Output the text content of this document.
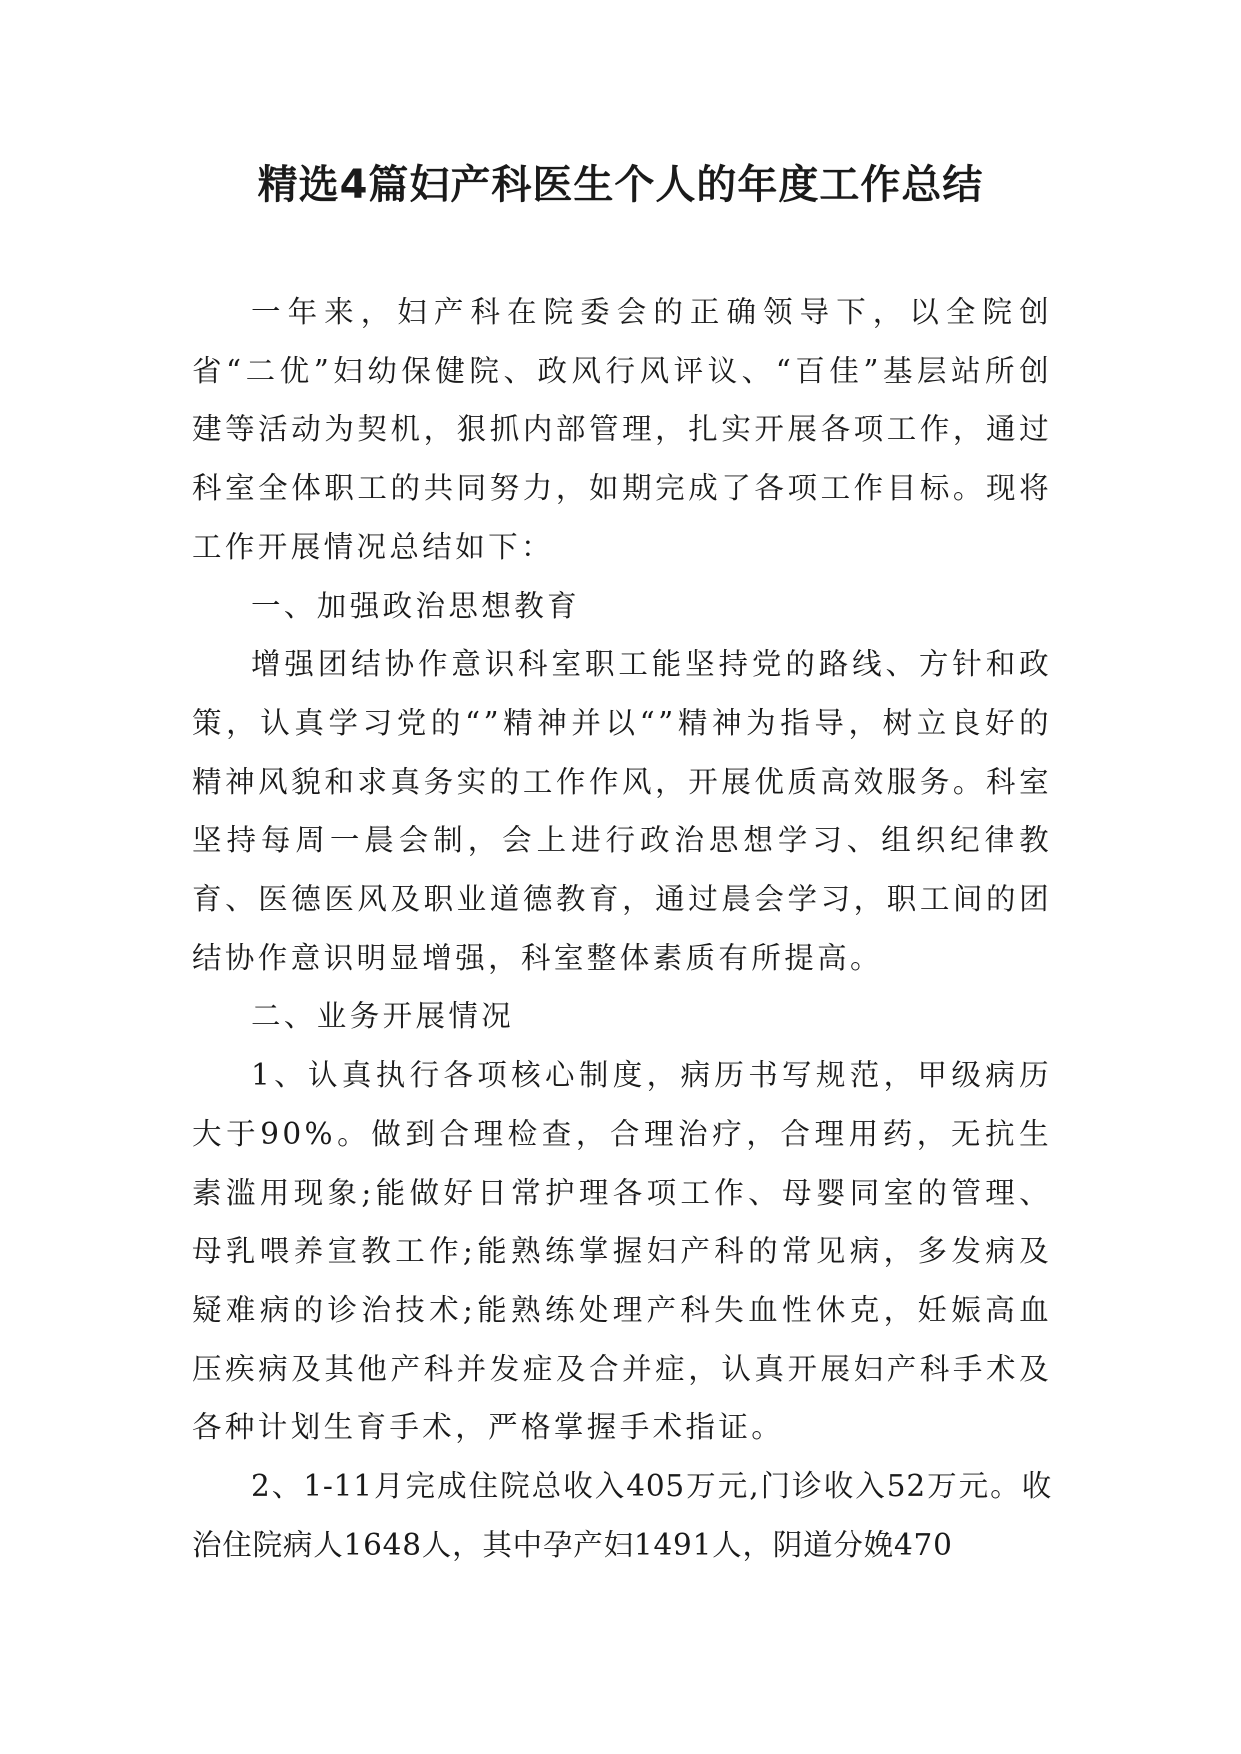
精选4篇妇产科医生个人的年度工作总结

一年来，妇产科在院委会的正确领导下，以全院创省“二优”妇幼保健院、政风行风评议、“百佳”基层站所创建等活动为契机，狠抓内部管理，扎实开展各项工作，通过科室全体职工的共同努力，如期完成了各项工作目标。现将工作开展情况总结如下：

一、加强政治思想教育

增强团结协作意识科室职工能坚持党的路线、方针和政策，认真学习党的“”精神并以“”精神为指导，树立良好的精神风貌和求真务实的工作作风，开展优质高效服务。科室坚持每周一晨会制，会上进行政治思想学习、组织纪律教育、医德医风及职业道德教育，通过晨会学习，职工间的团结协作意识明显增强，科室整体素质有所提高。

二、业务开展情况

1、认真执行各项核心制度，病历书写规范，甲级病历大于90%。做到合理检查，合理治疗，合理用药，无抗生素滥用现象;能做好日常护理各项工作、母婴同室的管理、母乳喂养宣教工作;能熟练掌握妇产科的常见病，多发病及疑难病的诊治技术;能熟练处理产科失血性休克，妊娠高血压疾病及其他产科并发症及合并症，认真开展妇产科手术及各种计划生育手术，严格掌握手术指证。

2、1-11月完成住院总收入405万元,门诊收入52万元。收治住院病人1648人，其中孕产妇1491人，阴道分娩470
